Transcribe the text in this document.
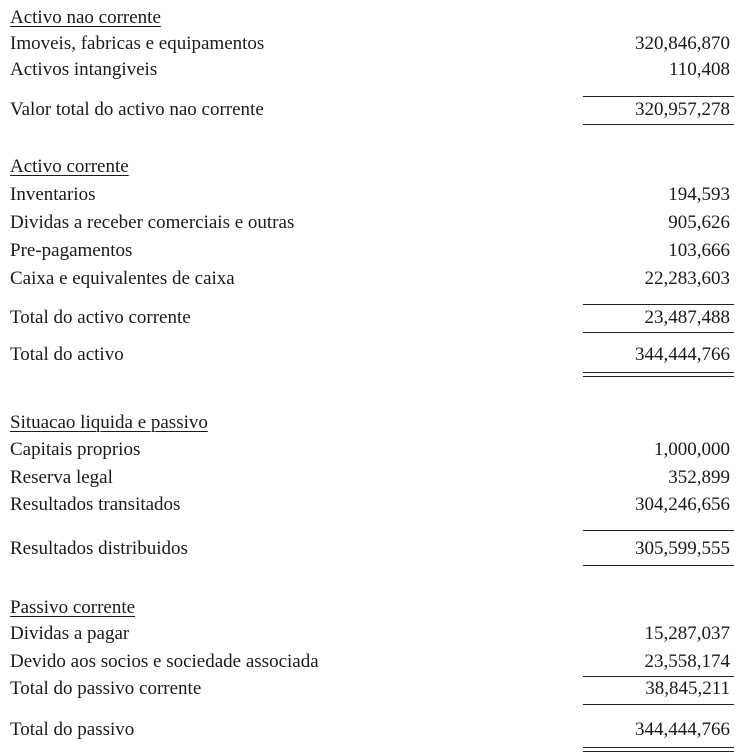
Activo nao corrente
Imoveis, fabricas e equipamentos	320,846,870
Activos intangiveis	110,408
Valor total do activo nao corrente	320,957,278
Activo corrente
Inventarios	194,593
Dividas a receber comerciais e outras	905,626
Pre-pagamentos	103,666
Caixa e equivalentes de caixa	22,283,603
Total do activo corrente	23,487,488
Total do activo	344,444,766
Situacao liquida e passivo
Capitais proprios	1,000,000
Reserva legal	352,899
Resultados transitados	304,246,656
Resultados distribuidos	305,599,555
Passivo corrente
Dividas a pagar	15,287,037
Devido aos socios e sociedade associada	23,558,174
Total do passivo corrente	38,845,211
Total do passivo	344,444,766
